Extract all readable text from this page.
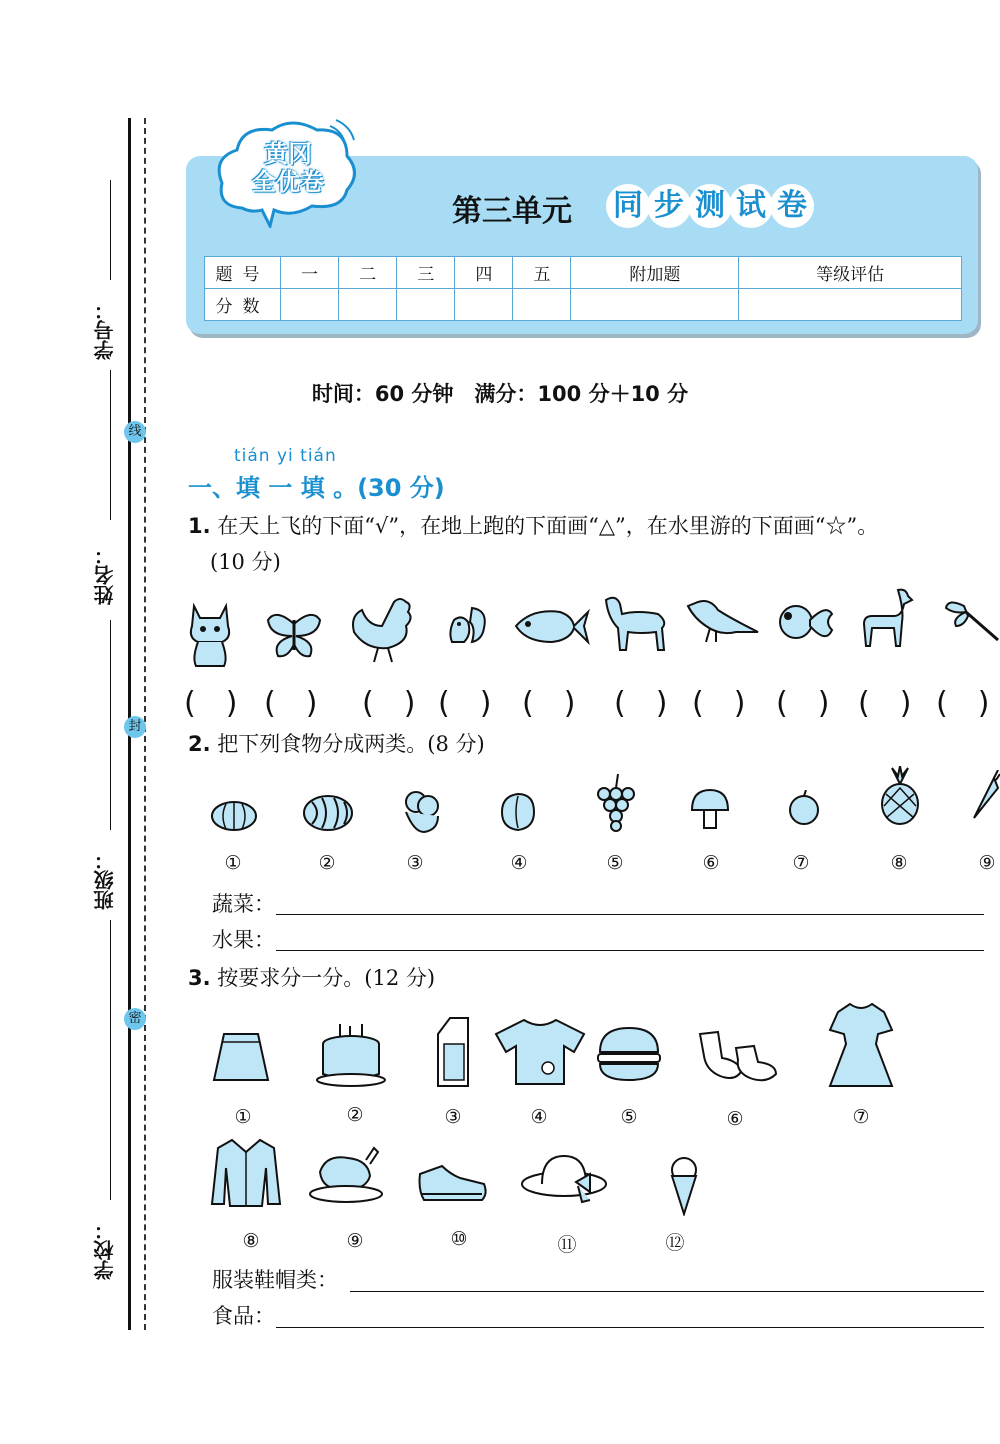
学号：
姓名：
班级：
学校：
线
封
密
黄冈
全优卷
第三单元 同 步 测 试 卷
题号	一	二	三	四	五	附加题	等级评估
分数							
时间：60 分钟　满分：100 分＋10 分
tián yi tián
一、填 一 填 。(30 分)
1. 在天上飞的下面“√”，在地上跑的下面画“△”，在水里游的下面画“☆”。
(10 分)
(　) (　) (　) (　) (　) (　) (　) (　) (　) (　)
2. 把下列食物分成两类。(8 分)
①	②	③	④	⑤	⑥	⑦	⑧	⑨
蔬菜：
水果：
3. 按要求分一分。(12 分)
①	②	③	④	⑤	⑥	⑦
⑧	⑨	⑩	⑪	⑫
服装鞋帽类：
食品：
